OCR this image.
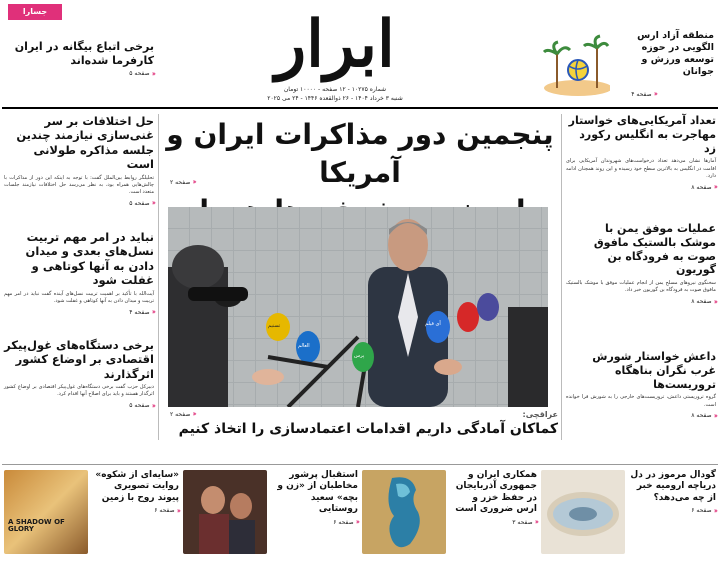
ابرار
شماره ۱۰۲۷۵ - ۱۲ صفحه - ۱۰۰۰۰ تومان
شنبه ۳ خرداد ۱۴۰۴ - ۲۶ ذوالقعده ۱۴۴۶ - ۲۴ می ۲۰۲۵
منطقه آزاد ارس الگویی در حوزه توسعه ورزش و جوانان
‹‹‹
صفحه ۴
جسارا
برخی اتباع بیگانه در ایران کارفرما شده‌اند
‹‹‹
صفحه ۵
پنجمین دور مذاکرات ایران و آمریکا
‹‹‹
صفحه ۲
آی فیلم
العالم
پرس
تسنیم
عراقچی:
کماکان آمادگی داریم اقدامات اعتمادسازی را اتخاذ کنیم
‹‹‹
صفحه ۲
تعداد آمریکایی‌های خواستار مهاجرت به انگلیس رکورد زد
آمارها نشان می‌دهد تعداد درخواست‌های شهروندان آمریکایی برای اقامت در انگلیس به بالاترین سطح خود رسیده و این روند همچنان ادامه دارد.
‹‹‹
صفحه ۸
عملیات موفق یمن با موشک بالستیک مافوق صوت به فرودگاه بن گوریون
سخنگوی نیروهای مسلح یمن از انجام عملیات موفق با موشک بالستیک مافوق صوت به فرودگاه بن گوریون خبر داد.
‹‹‹
صفحه ۸
داعش خواستار شورش غرب نگران بناهگاه تروریست‌ها
گروه تروریستی داعش، تروریست‌های خارجی را به شورش فرا خوانده است.
‹‹‹
صفحه ۸
حل اختلافات بر سر غنی‌سازی نیازمند چندین جلسه مذاکره طولانی است
تحلیلگر روابط بین‌الملل گفت: با توجه به اینکه این دور از مذاکرات با چالش‌هایی همراه بود، به نظر می‌رسد حل اختلافات نیازمند جلسات متعدد است.
‹‹‹
صفحه ۵
نباید در امر مهم تربیت نسل‌های بعدی و میدان دادن به آنها کوتاهی و غفلت شود
آیت‌الله با تأکید بر اهمیت تربیت نسل‌های آینده گفت نباید در امر مهم تربیت و میدان دادن به آنها کوتاهی و غفلت شود.
‹‹‹
صفحه ۴
برخی دستگاه‌های غول‌پیکر اقتصادی بر اوضاع کشور اثرگذارند
دبیرکل حزب گفت برخی دستگاه‌های غول‌پیکر اقتصادی بر اوضاع کشور اثرگذار هستند و باید برای اصلاح آنها اقدام کرد.
‹‹‹
صفحه ۵
گودال مرموز در دل دریاچه ارومیه خبر از چه می‌دهد؟
‹‹‹
صفحه ۶
همکاری ایران و جمهوری آذربایجان در حفظ خزر و ارس ضروری است
‹‹‹
صفحه ۳
استقبال پرشور مخاطبان از «زن و بچه» سعید روستایی
‹‹‹
صفحه ۶
«سایه‌ای از شکوه» روایت تصویری پیوند روح با زمین
‹‹‹
صفحه ۶
A SHADOW OF GLORY
